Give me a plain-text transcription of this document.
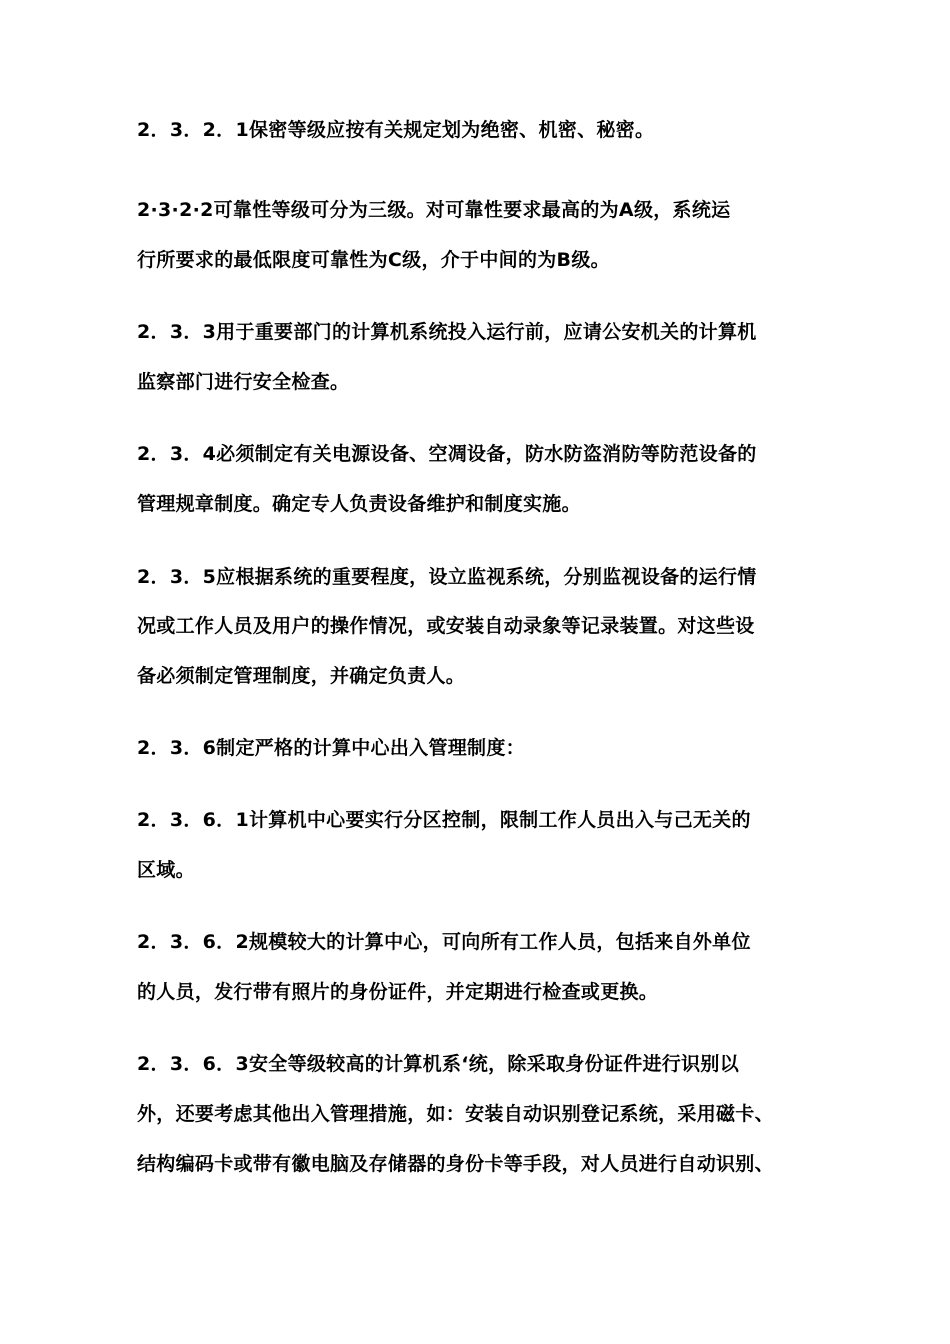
2．3．2．1保密等级应按有关规定划为绝密、机密、秘密。
2·3·2·2可靠性等级可分为三级。对可靠性要求最高的为A级，系统运
行所要求的最低限度可靠性为C级，介于中间的为B级。
2．3．3用于重要部门的计算机系统投入运行前，应请公安机关的计算机
监察部门进行安全检查。
2．3．4必须制定有关电源设备、空凋设备，防水防盗消防等防范设备的
管理规章制度。确定专人负责设备维护和制度实施。
2．3．5应根据系统的重要程度，设立监视系统，分别监视设备的运行情
况或工作人员及用户的操作情况，或安装自动录象等记录装置。对这些设
备必须制定管理制度，并确定负责人。
2．3．6制定严格的计算中心出入管理制度：
2．3．6．1计算机中心要实行分区控制，限制工作人员出入与己无关的
区域。
2．3．6．2规模较大的计算中心，可向所有工作人员，包括来自外单位
的人员，发行带有照片的身份证件，并定期进行检查或更换。
2．3．6．3安全等级较高的计算机系‘统，除采取身份证件进行识别以
外，还要考虑其他出入管理措施，如：安装自动识别登记系统，采用磁卡、
结构编码卡或带有徽电脑及存储器的身份卡等手段，对人员进行自动识别、
